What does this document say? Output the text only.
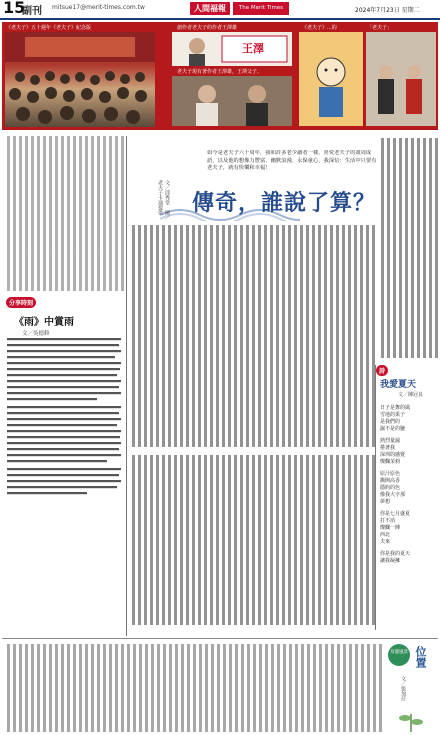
15
副刊 mitsue17@merit-times.com.tw	人間福報	The Merit Times	2024年7月23日 星期二
《老夫子》五十週年《老夫子》紀念版	創作者老夫子的作者王澤雄	《老夫子》...的	「老夫子」
老夫子現有著作者王澤雄，王澤父子。
王澤
如今是老夫子六十周年，我和許多老少讀者一樣，喜愛老夫子的畫周成語，以及他的想像力豐富、幽默浪漫、永保童心，我深信：生活中只要有老夫子，就有快樂和幸福！
分享時刻
《雨》中賞雨
文／吳德修
傳奇，誰說了算？
文／邱秀堂　圖／老夫子卡通提供
詩
我愛夏天
文／陳冠良
日子是舞的風
雪地的果子
是我們的
濕不是的鹽
熱烈量濕
捲著我
深圳的感覺
燦爛茉莉
原汁原色
撕開高香
隱約的色
像我大字那
夢想
你是七月盛夏
打不消
燦爛一陣
西北
夫來
你是我的夏天
讓我凝擁
身邊風景 位置
文／張加仔
